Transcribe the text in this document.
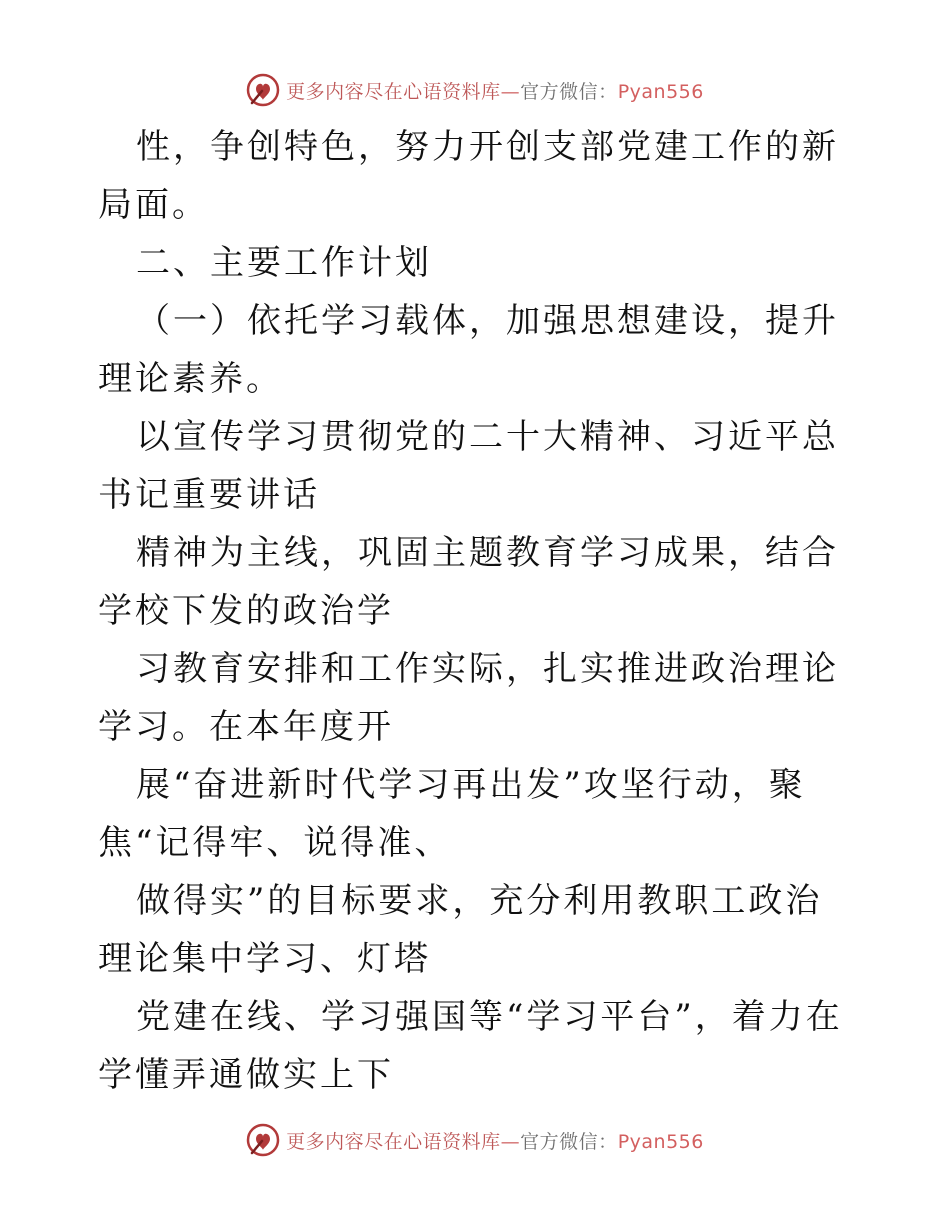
更多内容尽在心语资料库—官方微信：Pyan556

性，争创特色，努力开创支部党建工作的新局面。

二、主要工作计划

（一）依托学习载体，加强思想建设，提升理论素养。

以宣传学习贯彻党的二十大精神、习近平总书记重要讲话

精神为主线，巩固主题教育学习成果，结合学校下发的政治学

习教育安排和工作实际，扎实推进政治理论学习。在本年度开

展“奋进新时代学习再出发”攻坚行动，聚焦“记得牢、说得准、

做得实”的目标要求，充分利用教职工政治理论集中学习、灯塔

党建在线、学习强国等“学习平台”，着力在学懂弄通做实上下

更多内容尽在心语资料库—官方微信：Pyan556
